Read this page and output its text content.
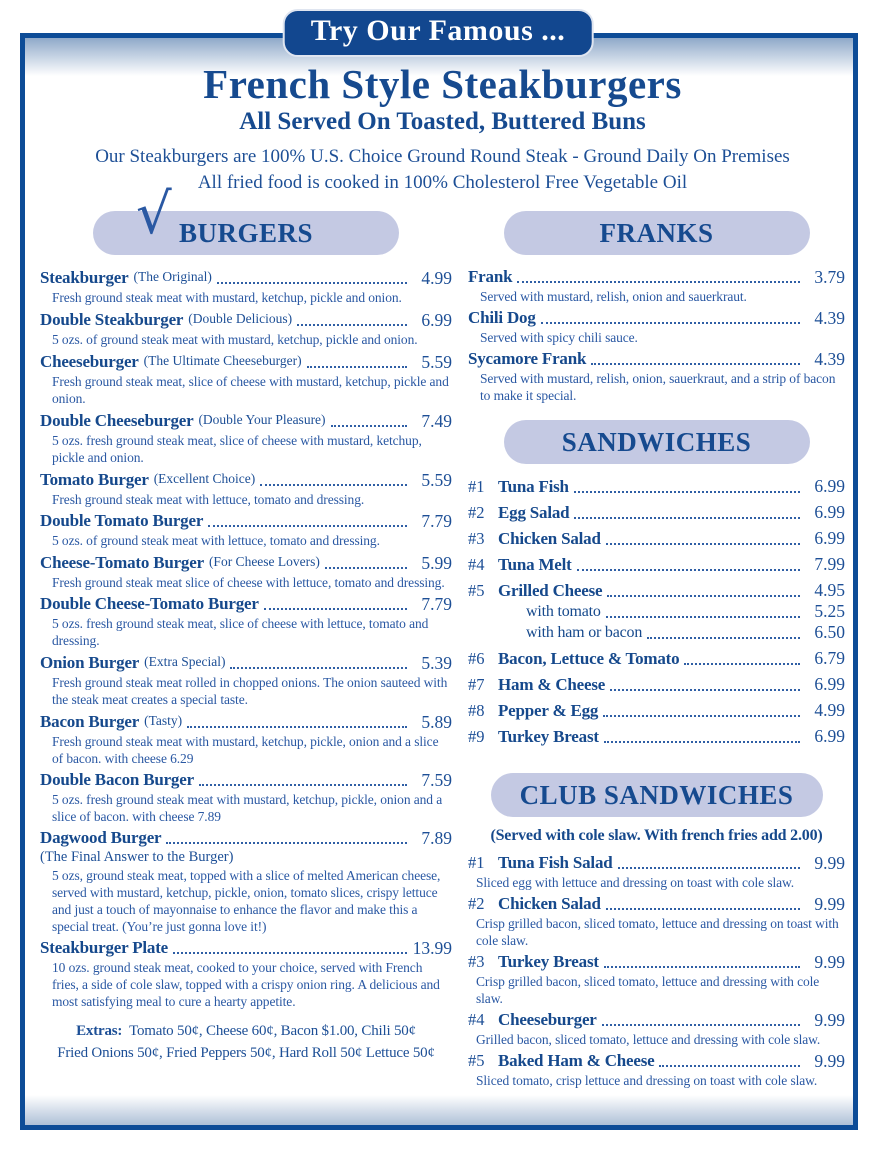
French Style Steakburgers
All Served On Toasted, Buttered Buns
Our Steakburgers are 100% U.S. Choice Ground Round Steak - Ground Daily On Premises
All fried food is cooked in 100% Cholesterol Free Vegetable Oil
√ BURGERS
Steakburger (The Original)	4.99
Fresh ground steak meat with mustard, ketchup, pickle and onion.
Double Steakburger (Double Delicious)	6.99
5 ozs. of ground steak meat with mustard, ketchup, pickle and onion.
Cheeseburger (The Ultimate Cheeseburger)	5.59
Fresh ground steak meat, slice of cheese with mustard, ketchup, pickle and onion.
Double Cheeseburger (Double Your Pleasure)	7.49
5 ozs. fresh ground steak meat, slice of cheese with mustard, ketchup, pickle and onion.
Tomato Burger (Excellent Choice)	5.59
Fresh ground steak meat with lettuce, tomato and dressing.
Double Tomato Burger	7.79
5 ozs. of ground steak meat with lettuce, tomato and dressing.
Cheese-Tomato Burger (For Cheese Lovers)	5.99
Fresh ground steak meat slice of cheese with lettuce, tomato and dressing.
Double Cheese-Tomato Burger	7.79
5 ozs. fresh ground steak meat, slice of cheese with lettuce, tomato and dressing.
Onion Burger (Extra Special)	5.39
Fresh ground steak meat rolled in chopped onions. The onion sauteed with the steak meat creates a special taste.
Bacon Burger (Tasty)	5.89
Fresh ground steak meat with mustard, ketchup, pickle, onion and a slice of bacon. with cheese 6.29
Double Bacon Burger	7.59
5 ozs. fresh ground steak meat with mustard, ketchup, pickle, onion and a slice of bacon. with cheese 7.89
Dagwood Burger	7.89
(The Final Answer to the Burger)
5 ozs, ground steak meat, topped with a slice of melted American cheese, served with mustard, ketchup, pickle, onion, tomato slices, crispy lettuce and just a touch of mayonnaise to enhance the flavor and make this a special treat. (You’re just gonna love it!)
Steakburger Plate	13.99
10 ozs. ground steak meat, cooked to your choice, served with French fries, a side of cole slaw, topped with a crispy onion ring. A delicious and most satisfying meal to cure a hearty appetite.
Extras: Tomato 50¢, Cheese 60¢, Bacon $1.00, Chili 50¢
Fried Onions 50¢, Fried Peppers 50¢, Hard Roll 50¢ Lettuce 50¢
FRANKS
Frank	3.79
Served with mustard, relish, onion and sauerkraut.
Chili Dog	4.39
Served with spicy chili sauce.
Sycamore Frank	4.39
Served with mustard, relish, onion, sauerkraut, and a strip of bacon to make it special.
SANDWICHES
#1 Tuna Fish	6.99
#2 Egg Salad	6.99
#3 Chicken Salad	6.99
#4 Tuna Melt	7.99
#5 Grilled Cheese	4.95
with tomato	5.25
with ham or bacon	6.50
#6 Bacon, Lettuce & Tomato	6.79
#7 Ham & Cheese	6.99
#8 Pepper & Egg	4.99
#9 Turkey Breast	6.99
CLUB SANDWICHES
(Served with cole slaw. With french fries add 2.00)
#1 Tuna Fish Salad	9.99
Sliced egg with lettuce and dressing on toast with cole slaw.
#2 Chicken Salad	9.99
Crisp grilled bacon, sliced tomato, lettuce and dressing on toast with cole slaw.
#3 Turkey Breast	9.99
Crisp grilled bacon, sliced tomato, lettuce and dressing with cole slaw.
#4 Cheeseburger	9.99
Grilled bacon, sliced tomato, lettuce and dressing with cole slaw.
#5 Baked Ham & Cheese	9.99
Sliced tomato, crisp lettuce and dressing on toast with cole slaw.
Try Our Famous ...
